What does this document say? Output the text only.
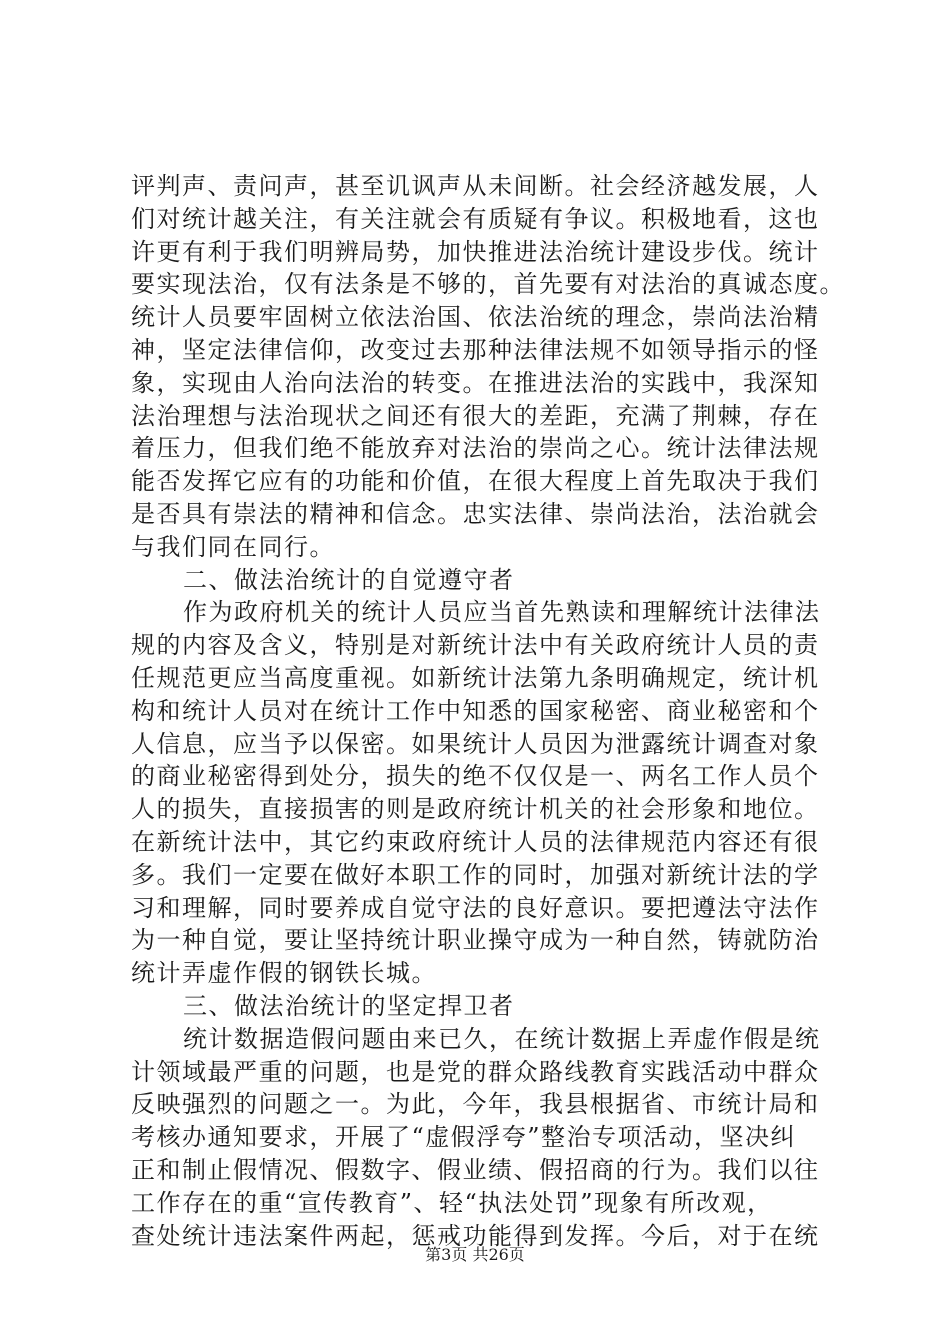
评判声、责问声，甚至讥讽声从未间断。社会经济越发展，人
们对统计越关注，有关注就会有质疑有争议。积极地看，这也
许更有利于我们明辨局势，加快推进法治统计建设步伐。统计
要实现法治，仅有法条是不够的，首先要有对法治的真诚态度。
统计人员要牢固树立依法治国、依法治统的理念，崇尚法治精
神，坚定法律信仰，改变过去那种法律法规不如领导指示的怪
象，实现由人治向法治的转变。在推进法治的实践中，我深知
法治理想与法治现状之间还有很大的差距，充满了荆棘，存在
着压力，但我们绝不能放弃对法治的崇尚之心。统计法律法规
能否发挥它应有的功能和价值，在很大程度上首先取决于我们
是否具有崇法的精神和信念。忠实法律、崇尚法治，法治就会
与我们同在同行。
二、做法治统计的自觉遵守者
作为政府机关的统计人员应当首先熟读和理解统计法律法
规的内容及含义，特别是对新统计法中有关政府统计人员的责
任规范更应当高度重视。如新统计法第九条明确规定，统计机
构和统计人员对在统计工作中知悉的国家秘密、商业秘密和个
人信息，应当予以保密。如果统计人员因为泄露统计调查对象
的商业秘密得到处分，损失的绝不仅仅是一、两名工作人员个
人的损失，直接损害的则是政府统计机关的社会形象和地位。
在新统计法中，其它约束政府统计人员的法律规范内容还有很
多。我们一定要在做好本职工作的同时，加强对新统计法的学
习和理解，同时要养成自觉守法的良好意识。要把遵法守法作
为一种自觉，要让坚持统计职业操守成为一种自然，铸就防治
统计弄虚作假的钢铁长城。
三、做法治统计的坚定捍卫者
统计数据造假问题由来已久，在统计数据上弄虚作假是统
计领域最严重的问题，也是党的群众路线教育实践活动中群众
反映强烈的问题之一。为此，今年，我县根据省、市统计局和
考核办通知要求，开展了“虚假浮夸”整治专项活动，坚决纠
正和制止假情况、假数字、假业绩、假招商的行为。我们以往
工作存在的重“宣传教育”、轻“执法处罚”现象有所改观，
查处统计违法案件两起，惩戒功能得到发挥。今后，对于在统
第3页 共26页
